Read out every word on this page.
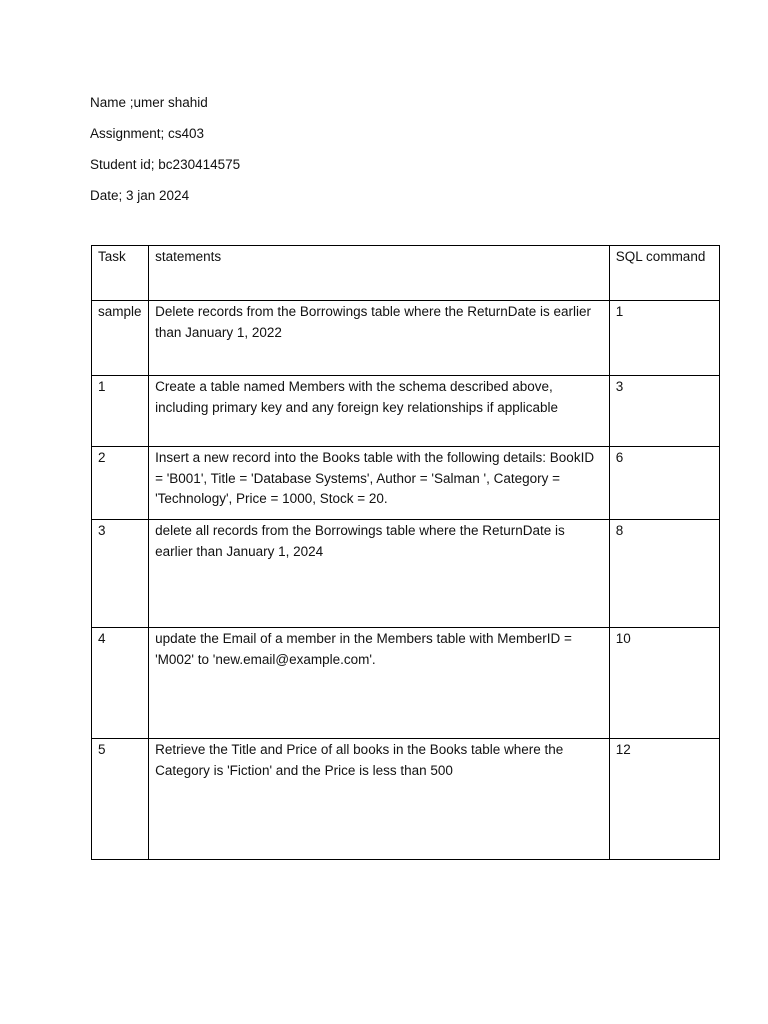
Name ;umer shahid
Assignment; cs403
Student id; bc230414575
Date; 3 jan 2024
Task	statements	SQL command
sample	Delete records from the Borrowings table where the ReturnDate is earlier than January 1, 2022	1
1	Create a table named Members with the schema described above, including primary key and any foreign key relationships if applicable	3
2	Insert a new record into the Books table with the following details: BookID = 'B001', Title = 'Database Systems', Author = 'Salman ', Category = 'Technology', Price = 1000, Stock = 20.	6
3	delete all records from the Borrowings table where the ReturnDate is earlier than January 1, 2024	8
4	update the Email of a member in the Members table with MemberID = 'M002' to 'new.email@example.com'.	10
5	Retrieve the Title and Price of all books in the Books table where the Category is 'Fiction' and the Price is less than 500	12
